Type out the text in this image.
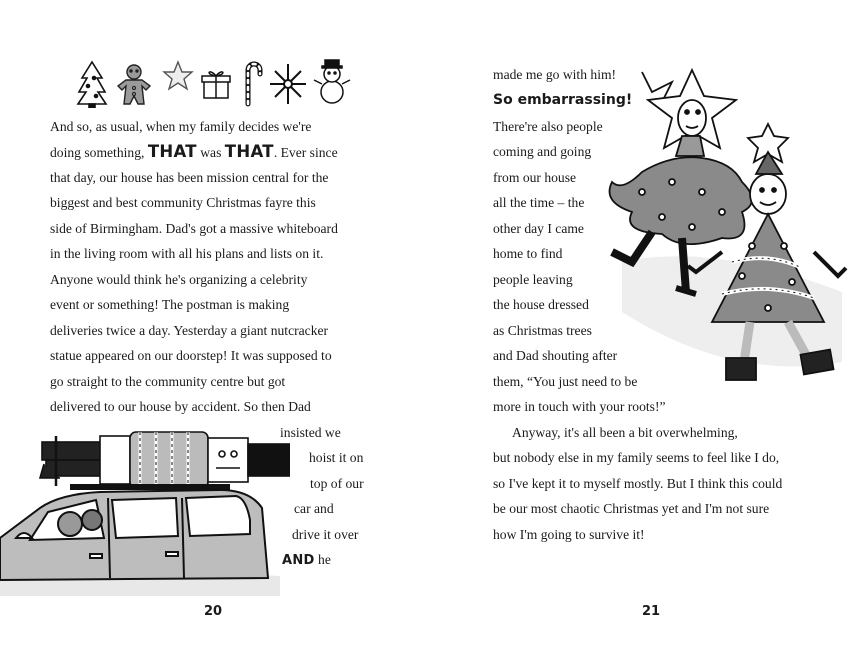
And so, as usual, when my family decides we're
doing something, THAT was THAT. Ever since
that day, our house has been mission central for the
biggest and best community Christmas fayre this
side of Birmingham. Dad's got a massive whiteboard
in the living room with all his plans and lists on it.
Anyone would think he's organizing a celebrity
event or something! The postman is making
deliveries twice a day. Yesterday a giant nutcracker
statue appeared on our doorstep! It was supposed to
go straight to the community centre but got
delivered to our house by accident. So then Dad
insisted we
hoist it on
top of our
car and
drive it over
AND he
20
made me go with him!
So embarrassing!
There're also people
coming and going
from our house
all the time – the
other day I came
home to find
people leaving
the house dressed
as Christmas trees
and Dad shouting after
them, “You just need to be
more in touch with your roots!”
Anyway, it's all been a bit overwhelming,
but nobody else in my family seems to feel like I do,
so I've kept it to myself mostly. But I think this could
be our most chaotic Christmas yet and I'm not sure
how I'm going to survive it!
21
